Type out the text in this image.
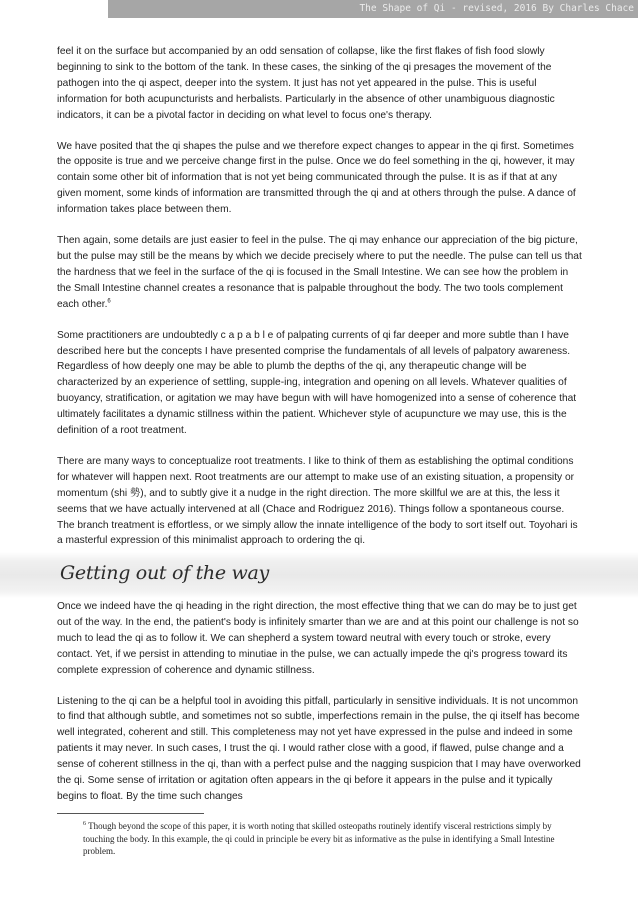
The Shape of Qi - revised, 2016 By Charles Chace

feel it on the surface but accompanied by an odd sensation of collapse, like the first flakes of fish food slowly beginning to sink to the bottom of the tank. In these cases, the sinking of the qi presages the movement of the pathogen into the qi aspect, deeper into the system. It just has not yet appeared in the pulse. This is useful information for both acupuncturists and herbalists. Particularly in the absence of other unambiguous diagnostic indicators, it can be a pivotal factor in deciding on what level to focus one's therapy.

We have posited that the qi shapes the pulse and we therefore expect changes to appear in the qi first. Sometimes the opposite is true and we perceive change first in the pulse. Once we do feel something in the qi, however, it may contain some other bit of information that is not yet being communicated through the pulse. It is as if that at any given moment, some kinds of information are transmitted through the qi and at others through the pulse. A dance of information takes place between them.

Then again, some details are just easier to feel in the pulse. The qi may enhance our appreciation of the big picture, but the pulse may still be the means by which we decide precisely where to put the needle. The pulse can tell us that the hardness that we feel in the surface of the qi is focused in the Small Intestine. We can see how the problem in the Small Intestine channel creates a resonance that is palpable throughout the body. The two tools complement each other.$^6$

Some practitioners are undoubtedly c a p a b l e of palpating currents of qi far deeper and more subtle than I have described here but the concepts I have presented comprise the fundamentals of all levels of palpatory awareness. Regardless of how deeply one may be able to plumb the depths of the qi, any therapeutic change will be characterized by an experience of settling, supple-ing, integration and opening on all levels. Whatever qualities of buoyancy, stratification, or agitation we may have begun with will have homogenized into a sense of coherence that ultimately facilitates a dynamic stillness within the patient. Whichever style of acupuncture we may use, this is the definition of a root treatment.

There are many ways to conceptualize root treatments. I like to think of them as establishing the optimal conditions for whatever will happen next. Root treatments are our attempt to make use of an existing situation, a propensity or momentum (shi 勢), and to subtly give it a nudge in the right direction. The more skillful we are at this, the less it seems that we have actually intervened at all (Chace and Rodriguez 2016). Things follow a spontaneous course. The branch treatment is effortless, or we simply allow the innate intelligence of the body to sort itself out. Toyohari is a masterful expression of this minimalist approach to ordering the qi.

Getting out of the way

Once we indeed have the qi heading in the right direction, the most effective thing that we can do may be to just get out of the way. In the end, the patient's body is infinitely smarter than we are and at this point our challenge is not so much to lead the qi as to follow it. We can shepherd a system toward neutral with every touch or stroke, every contact. Yet, if we persist in attending to minutiae in the pulse, we can actually impede the qi's progress toward its complete expression of coherence and dynamic stillness.

Listening to the qi can be a helpful tool in avoiding this pitfall, particularly in sensitive individuals. It is not uncommon to find that although subtle, and sometimes not so subtle, imperfections remain in the pulse, the qi itself has become well integrated, coherent and still. This completeness may not yet have expressed in the pulse and indeed in some patients it may never. In such cases, I trust the qi. I would rather close with a good, if flawed, pulse change and a sense of coherent stillness in the qi, than with a perfect pulse and the nagging suspicion that I may have overworked the qi. Some sense of irritation or agitation often appears in the qi before it appears in the pulse and it typically begins to float. By the time such changes

$^6$ Though beyond the scope of this paper, it is worth noting that skilled osteopaths routinely identify visceral restrictions simply by touching the body. In this example, the qi could in principle be every bit as informative as the pulse in identifying a Small Intestine problem.
